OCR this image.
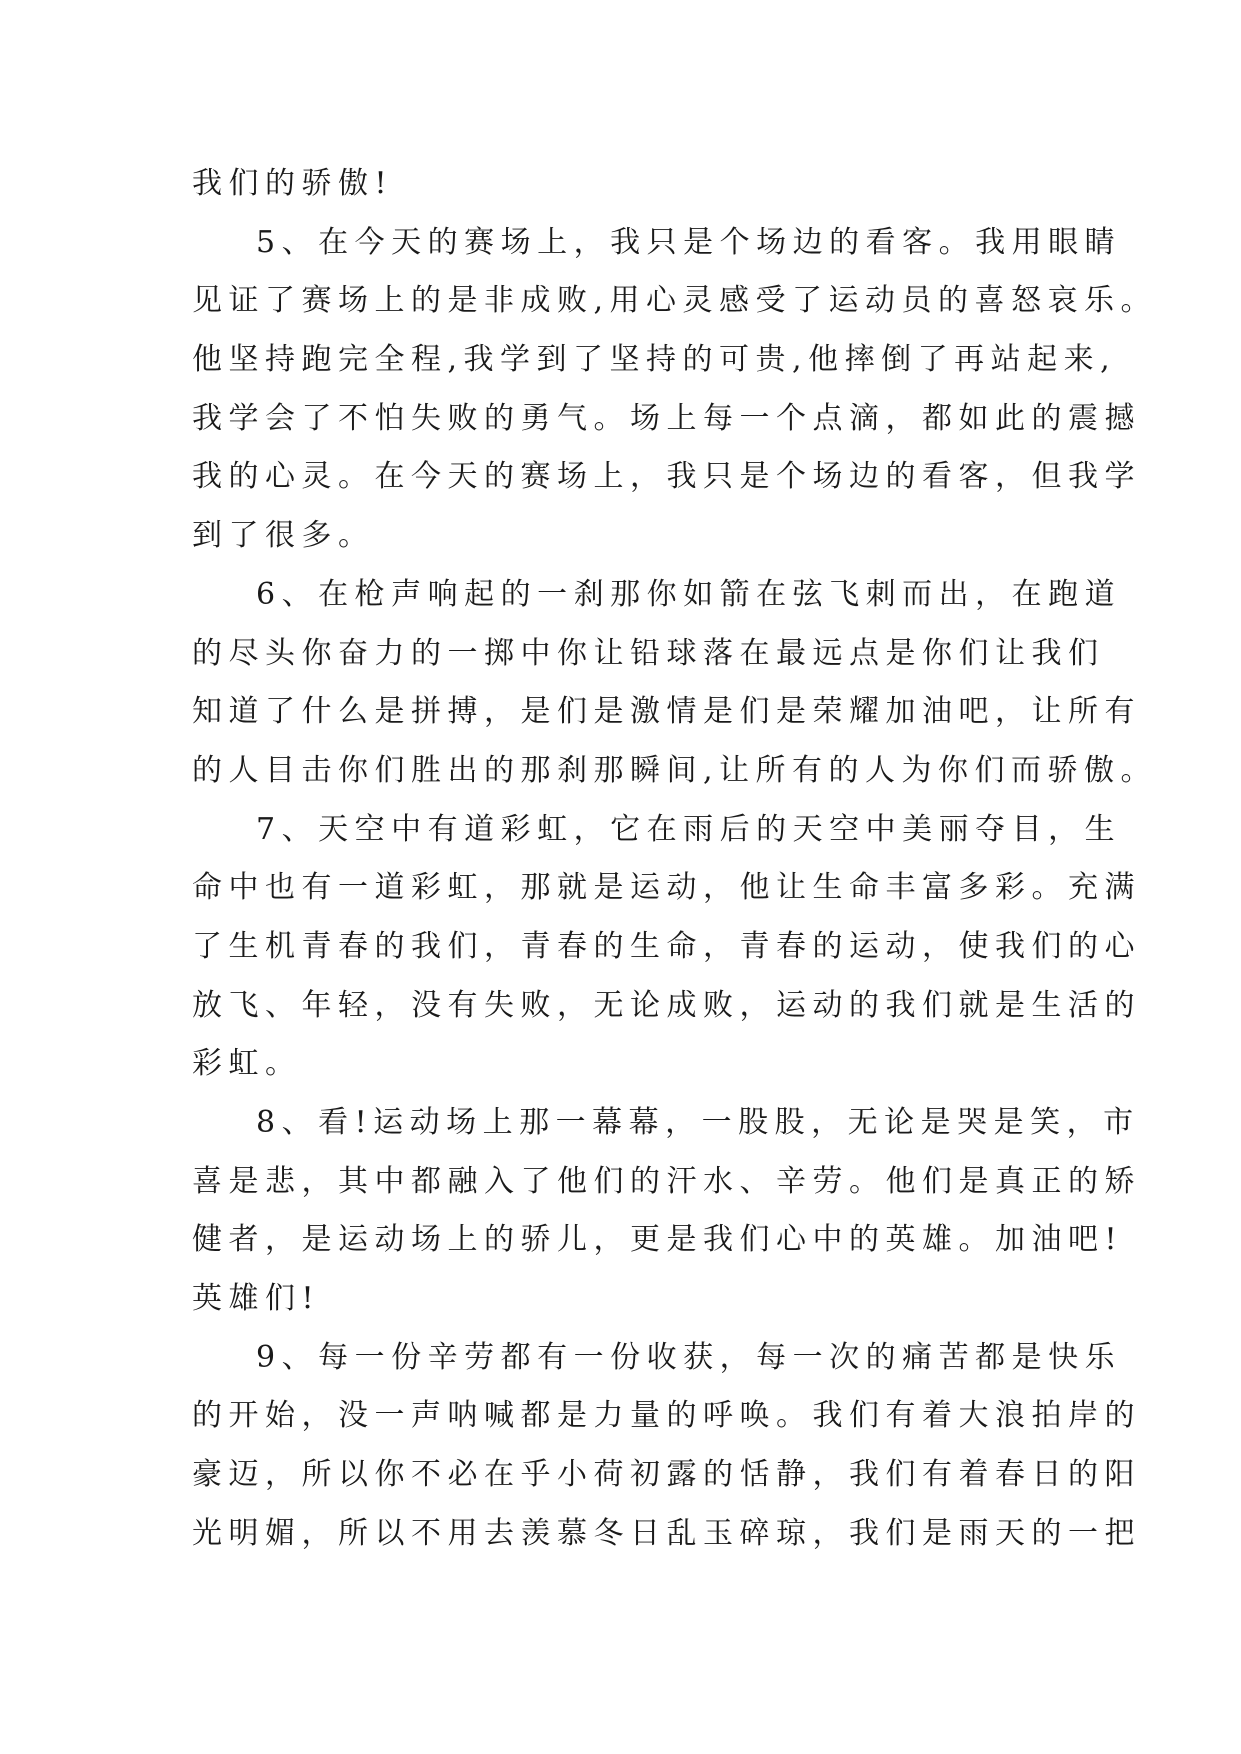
我们的骄傲!
5、在今天的赛场上，我只是个场边的看客。我用眼睛
见证了赛场上的是非成败,用心灵感受了运动员的喜怒哀乐。
他坚持跑完全程,我学到了坚持的可贵,他摔倒了再站起来,
我学会了不怕失败的勇气。场上每一个点滴，都如此的震撼
我的心灵。在今天的赛场上，我只是个场边的看客，但我学
到了很多。
6、在枪声响起的一刹那你如箭在弦飞刺而出，在跑道
的尽头你奋力的一掷中你让铅球落在最远点是你们让我们
知道了什么是拼搏，是们是激情是们是荣耀加油吧，让所有
的人目击你们胜出的那刹那瞬间,让所有的人为你们而骄傲。
7、天空中有道彩虹，它在雨后的天空中美丽夺目，生
命中也有一道彩虹，那就是运动，他让生命丰富多彩。充满
了生机青春的我们，青春的生命，青春的运动，使我们的心
放飞、年轻，没有失败，无论成败，运动的我们就是生活的
彩虹。
8、看!运动场上那一幕幕，一股股，无论是哭是笑，市
喜是悲，其中都融入了他们的汗水、辛劳。他们是真正的矫
健者，是运动场上的骄儿，更是我们心中的英雄。加油吧!
英雄们!
9、每一份辛劳都有一份收获，每一次的痛苦都是快乐
的开始，没一声呐喊都是力量的呼唤。我们有着大浪拍岸的
豪迈，所以你不必在乎小荷初露的恬静，我们有着春日的阳
光明媚，所以不用去羡慕冬日乱玉碎琼，我们是雨天的一把
